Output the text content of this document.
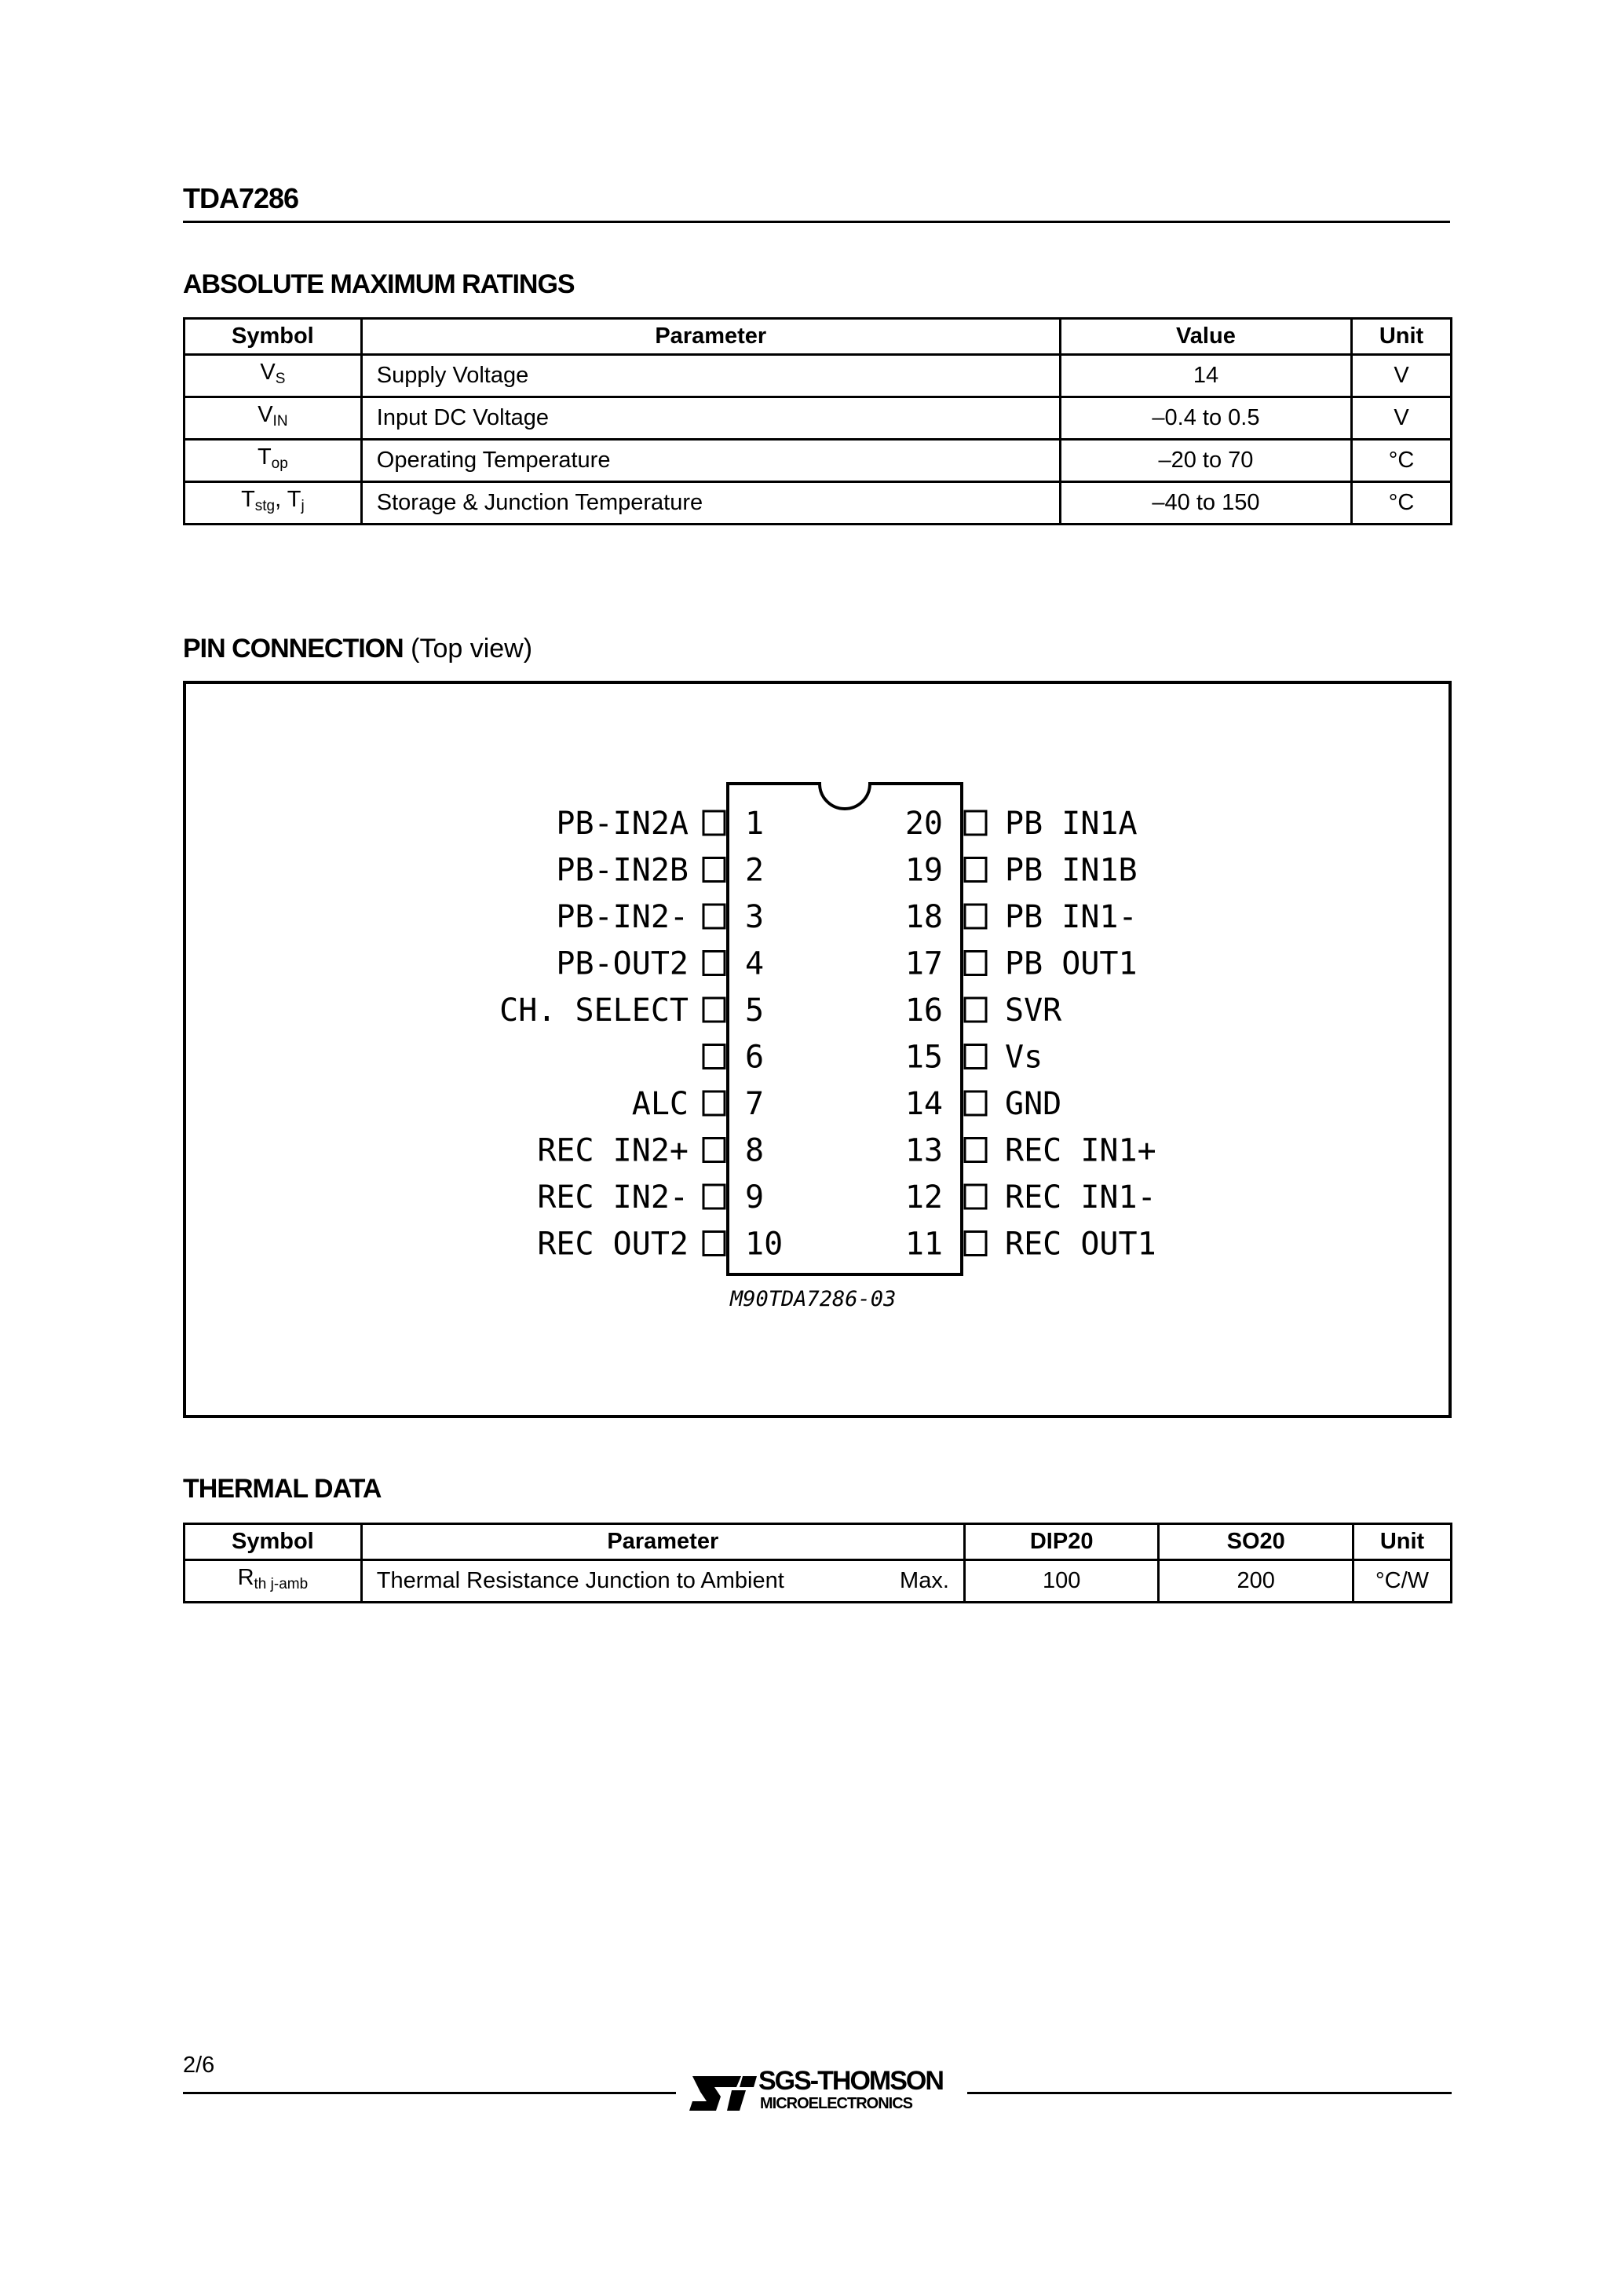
TDA7286
ABSOLUTE MAXIMUM RATINGS
Symbol	Parameter	Value	Unit
$V_S$	Supply Voltage	14	V
$V_{IN}$	Input DC Voltage	–0.4 to 0.5	V
$T_{op}$	Operating Temperature	–20 to 70	°C
$T_{stg}$, $T_j$	Storage & Junction Temperature	–40 to 150	°C
PIN CONNECTION (Top view)
1
PB-IN2A
2
PB-IN2B
3
PB-IN2-
4
PB-OUT2
5
CH. SELECT
6
7
ALC
8
REC IN2+
9
REC IN2-
10
REC OUT2
20 PB IN1A
19 PB IN1B
18 PB IN1-
17 PB OUT1
16 SVR
15 Vs
14 GND
13 REC IN1+
12 REC IN1-
11 REC OUT1
M90TDA7286-03
THERMAL DATA
Symbol	Parameter	DIP20	SO20	Unit
$R_{th j-amb}$	Thermal Resistance Junction to Ambient Max.	100	200	°C/W
2/6
SGS-THOMSON
MICROELECTRONICS
